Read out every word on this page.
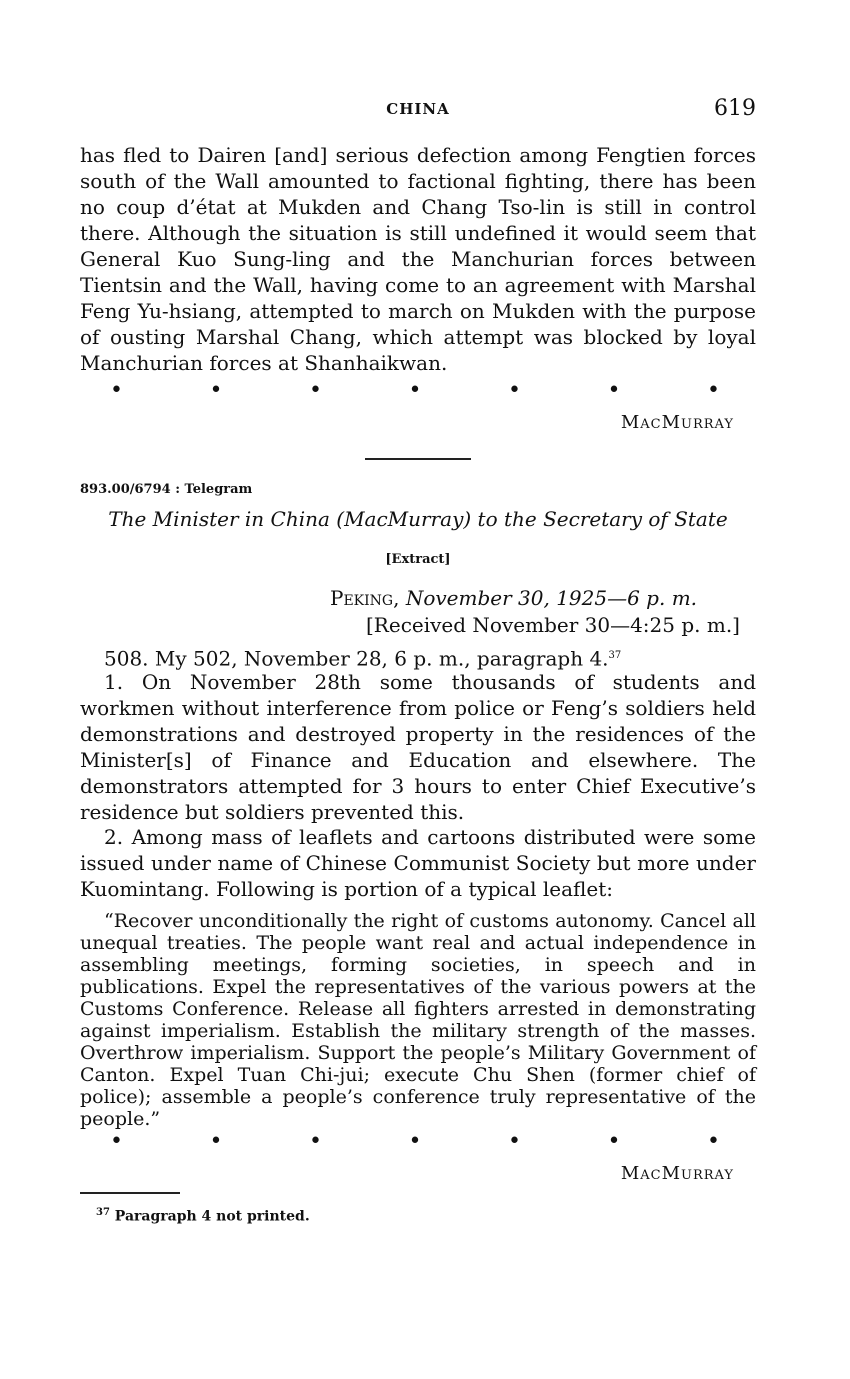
CHINA	619
has fled to Dairen [and] serious defection among Fengtien forces south of the Wall amounted to factional fighting, there has been no coup d’état at Mukden and Chang Tso-lin is still in control there. Although the situation is still undefined it would seem that General Kuo Sung-ling and the Manchurian forces between Tientsin and the Wall, having come to an agreement with Marshal Feng Yu-hsiang, attempted to march on Mukden with the purpose of ousting Marshal Chang, which attempt was blocked by loyal Manchurian forces at Shanhaikwan.
•	•	•	•	•	•	•
MacMurray
893.00/6794 : Telegram
The Minister in China (MacMurray) to the Secretary of State
[Extract]
Peking, November 30, 1925—6 p. m.
[Received November 30—4:25 p. m.]
508. My 502, November 28, 6 p. m., paragraph 4.37
1. On November 28th some thousands of students and workmen without interference from police or Feng’s soldiers held demonstrations and destroyed property in the residences of the Minister[s] of Finance and Education and elsewhere. The demonstrators attempted for 3 hours to enter Chief Executive’s residence but soldiers prevented this.
2. Among mass of leaflets and cartoons distributed were some issued under name of Chinese Communist Society but more under Kuomintang. Following is portion of a typical leaflet:
“Recover unconditionally the right of customs autonomy. Cancel all unequal treaties. The people want real and actual independence in assembling meetings, forming societies, in speech and in publications. Expel the representatives of the various powers at the Customs Conference. Release all fighters arrested in demonstrating against imperialism. Establish the military strength of the masses. Overthrow imperialism. Support the people’s Military Government of Canton. Expel Tuan Chi-jui; execute Chu Shen (former chief of police); assemble a people’s conference truly representative of the people.”
•	•	•	•	•	•	•
MacMurray
$^{37}$ Paragraph 4 not printed.
